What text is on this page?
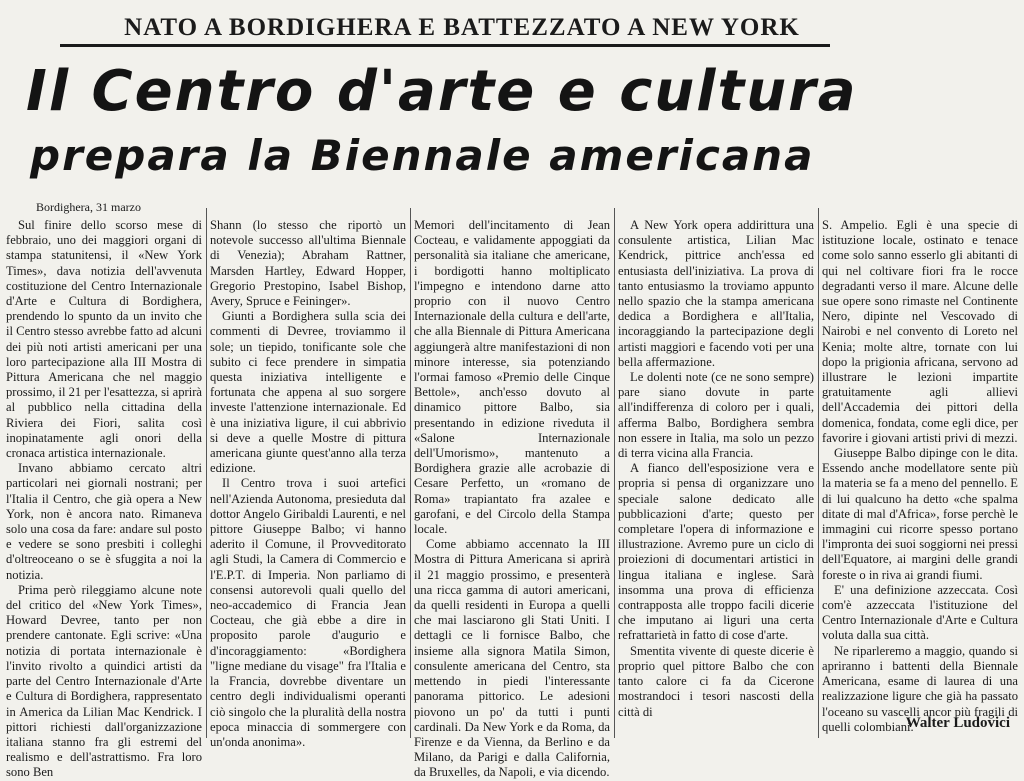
NATO A BORDIGHERA E BATTEZZATO A NEW YORK
Il Centro d'arte e cultura
prepara la Biennale americana
Bordighera, 31 marzo

Sul finire dello scorso mese di febbraio, uno dei maggiori organi di stampa statunitensi, il «New York Times», dava notizia dell'avvenuta costituzione del Centro Internazionale d'Arte e Cultura di Bordighera, prendendo lo spunto da un invito che il Centro stesso avrebbe fatto ad alcuni dei più noti artisti americani per una loro partecipazione alla III Mostra di Pittura Americana che nel maggio prossimo, il 21 per l'esattezza, si aprirà al pubblico nella cittadina della Riviera dei Fiori, salita così inopinatamente agli onori della cronaca artistica internazionale.

Invano abbiamo cercato altri particolari nei giornali nostrani; per l'Italia il Centro, che già opera a New York, non è ancora nato. Rimaneva solo una cosa da fare: andare sul posto e vedere se sono presbiti i colleghi d'oltreoceano o se è sfuggita a noi la notizia.

Prima però rileggiamo alcune note del critico del «New York Times», Howard Devree, tanto per non prendere cantonate. Egli scrive: «Una notizia di portata internazionale è l'invito rivolto a quindici artisti da parte del Centro Internazionale d'Arte e Cultura di Bordighera, rappresentato in America da Lilian Mac Kendrick. I pittori richiesti dall'organizzazione italiana stanno fra gli estremi del realismo e dell'astrattismo. Fra loro sono Ben

Shann (lo stesso che riportò un notevole successo all'ultima Biennale di Venezia); Abraham Rattner, Marsden Hartley, Edward Hopper, Gregorio Prestopino, Isabel Bishop, Avery, Spruce e Feininger».

Giunti a Bordighera sulla scia dei commenti di Devree, troviammo il sole; un tiepido, tonificante sole che subito ci fece prendere in simpatia questa iniziativa intelligente e fortunata che appena al suo sorgere investe l'attenzione internazionale. Ed è una iniziativa ligure, il cui abbrivio si deve a quelle Mostre di pittura americana giunte quest'anno alla terza edizione.

Il Centro trova i suoi artefici nell'Azienda Autonoma, presieduta dal dottor Angelo Giribaldi Laurenti, e nel pittore Giuseppe Balbo; vi hanno aderito il Comune, il Provveditorato agli Studi, la Camera di Commercio e l'E.P.T. di Imperia. Non parliamo di consensi autorevoli quali quello del neo-accademico di Francia Jean Cocteau, che già ebbe a dire in proposito parole d'augurio e d'incoraggiamento: «Bordighera "ligne mediane du visage" fra l'Italia e la Francia, dovrebbe diventare un centro degli individualismi operanti ciò singolo che la pluralità della nostra epoca minaccia di sommergere con un'onda anonima».

Memori dell'incitamento di Jean Cocteau, e validamente appoggiati da personalità sia italiane che americane, i bordigotti hanno moltiplicato l'impegno e intendono darne atto proprio con il nuovo Centro Internazionale della cultura e dell'arte, che alla Biennale di Pittura Americana aggiungerà altre manifestazioni di non minore interesse, sia potenziando l'ormai famoso «Premio delle Cinque Bettole», anch'esso dovuto al dinamico pittore Balbo, sia presentando in edizione riveduta il «Salone Internazionale dell'Umorismo», mantenuto a Bordighera grazie alle acrobazie di Cesare Perfetto, un «romano de Roma» trapiantato fra azalee e garofani, e del Circolo della Stampa locale.

Come abbiamo accennato la III Mostra di Pittura Americana si aprirà il 21 maggio prossimo, e presenterà una ricca gamma di autori americani, da quelli residenti in Europa a quelli che mai lasciarono gli Stati Uniti. I dettagli ce li fornisce Balbo, che insieme alla signora Matila Simon, consulente americana del Centro, sta mettendo in piedi l'interessante panorama pittorico. Le adesioni piovono un po' da tutti i punti cardinali. Da New York e da Roma, da Firenze e da Vienna, da Berlino e da Milano, da Parigi e dalla California, da Bruxelles, da Napoli, e via dicendo.

A New York opera addirittura una consulente artistica, Lilian Mac Kendrick, pittrice anch'essa ed entusiasta dell'iniziativa. La prova di tanto entusiasmo la troviamo appunto nello spazio che la stampa americana dedica a Bordighera e all'Italia, incoraggiando la partecipazione degli artisti maggiori e facendo voti per una bella affermazione.

Le dolenti note (ce ne sono sempre) pare siano dovute in parte all'indifferenza di coloro per i quali, afferma Balbo, Bordighera sembra non essere in Italia, ma solo un pezzo di terra vicina alla Francia.

A fianco dell'esposizione vera e propria si pensa di organizzare uno speciale salone dedicato alle pubblicazioni d'arte; questo per completare l'opera di informazione e illustrazione. Avremo pure un ciclo di proiezioni di documentari artistici in lingua italiana e inglese. Sarà insomma una prova di efficienza contrapposta alle troppo facili dicerie che imputano ai liguri una certa refrattarietà in fatto di cose d'arte.

Smentita vivente di queste dicerie è proprio quel pittore Balbo che con tanto calore ci fa da Cicerone mostrandoci i tesori nascosti della città di

S. Ampelio. Egli è una specie di istituzione locale, ostinato e tenace come solo sanno esserlo gli abitanti di qui nel coltivare fiori fra le rocce degradanti verso il mare. Alcune delle sue opere sono rimaste nel Continente Nero, dipinte nel Vescovado di Nairobi e nel convento di Loreto nel Kenia; molte altre, tornate con lui dopo la prigionia africana, servono ad illustrare le lezioni impartite gratuitamente agli allievi dell'Accademia dei pittori della domenica, fondata, come egli dice, per favorire i giovani artisti privi di mezzi.

Giuseppe Balbo dipinge con le dita. Essendo anche modellatore sente più la materia se fa a meno del pennello. E di lui qualcuno ha detto «che spalma ditate di mal d'Africa», forse perchè le immagini cui ricorre spesso portano l'impronta dei suoi soggiorni nei pressi dell'Equatore, ai margini delle grandi foreste o in riva ai grandi fiumi.

E' una definizione azzeccata. Così com'è azzeccata l'istituzione del Centro Internazionale d'Arte e Cultura voluta dalla sua città.

Ne riparleremo a maggio, quando si apriranno i battenti della Biennale Americana, esame di laurea di una realizzazione ligure che già ha passato l'oceano su vascelli ancor più fragili di quelli colombiani.

Walter Ludovici
